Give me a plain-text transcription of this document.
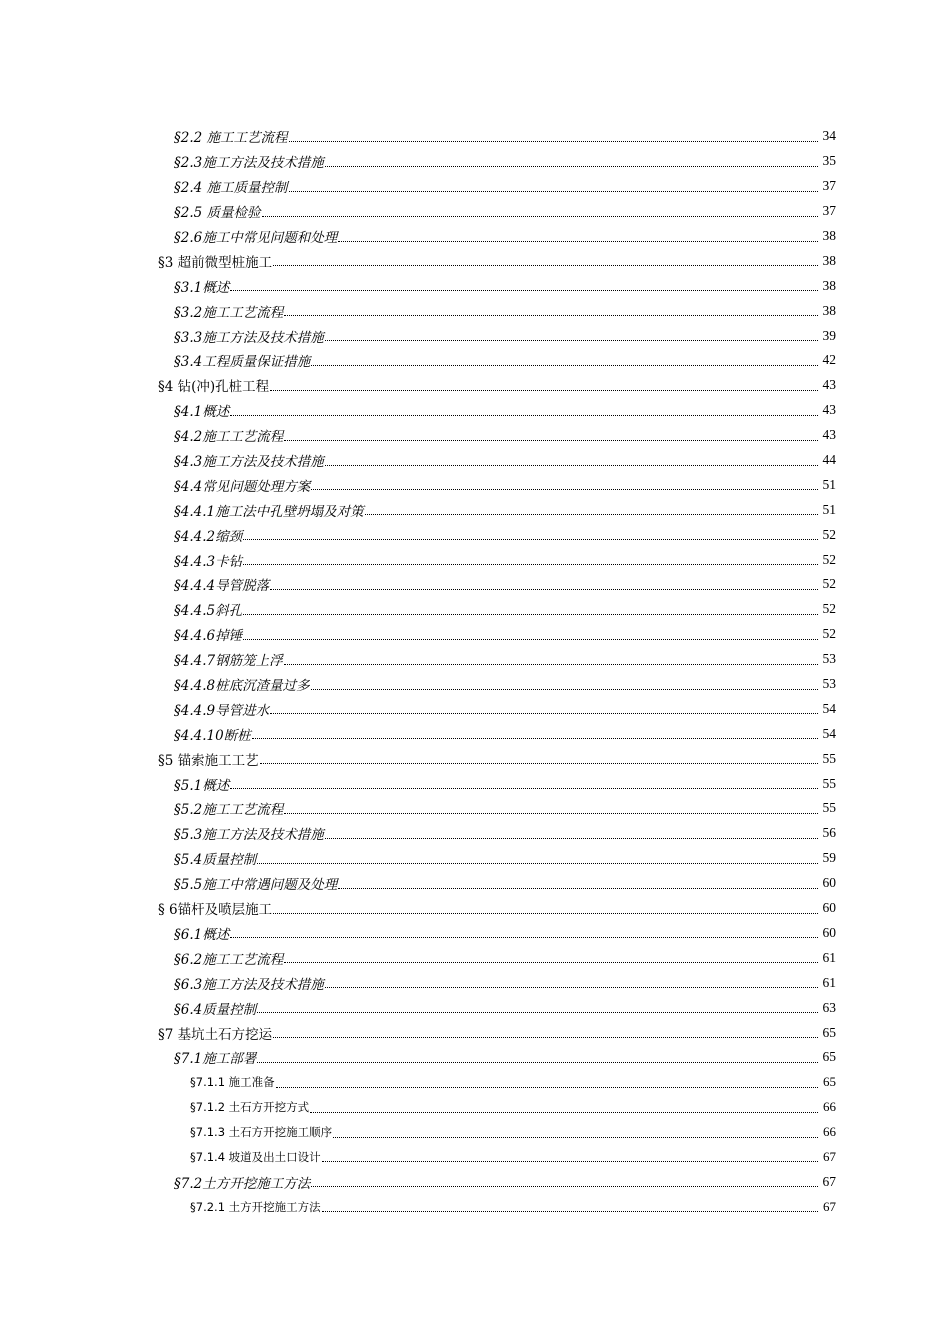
§2.2 施工工艺流程	34
§2.3施工方法及技术措施	35
§2.4 施工质量控制	37
§2.5 质量检验	37
§2.6施工中常见问题和处理	38
§3 超前微型桩施工	38
§3.1概述	38
§3.2施工工艺流程	38
§3.3施工方法及技术措施	39
§3.4工程质量保证措施	42
§4 钻(冲)孔桩工程	43
§4.1概述	43
§4.2施工工艺流程	43
§4.3施工方法及技术措施	44
§4.4常见问题处理方案	51
§4.4.1施工法中孔壁坍塌及对策	51
§4.4.2缩颈	52
§4.4.3卡钻	52
§4.4.4导管脱落	52
§4.4.5斜孔	52
§4.4.6掉锤	52
§4.4.7钢筋笼上浮	53
§4.4.8桩底沉渣量过多	53
§4.4.9导管进水	54
§4.4.10断桩	54
§5 锚索施工工艺	55
§5.1概述	55
§5.2施工工艺流程	55
§5.3施工方法及技术措施	56
§5.4质量控制	59
§5.5施工中常遇问题及处理	60
§ 6锚杆及喷层施工	60
§6.1概述	60
§6.2施工工艺流程	61
§6.3施工方法及技术措施	61
§6.4质量控制	63
§7 基坑土石方挖运	65
§7.1施工部署	65
§7.1.1 施工准备	65
§7.1.2 土石方开挖方式	66
§7.1.3 土石方开挖施工顺序	66
§7.1.4 坡道及出土口设计	67
§7.2土方开挖施工方法	67
§7.2.1 土方开挖施工方法	67
